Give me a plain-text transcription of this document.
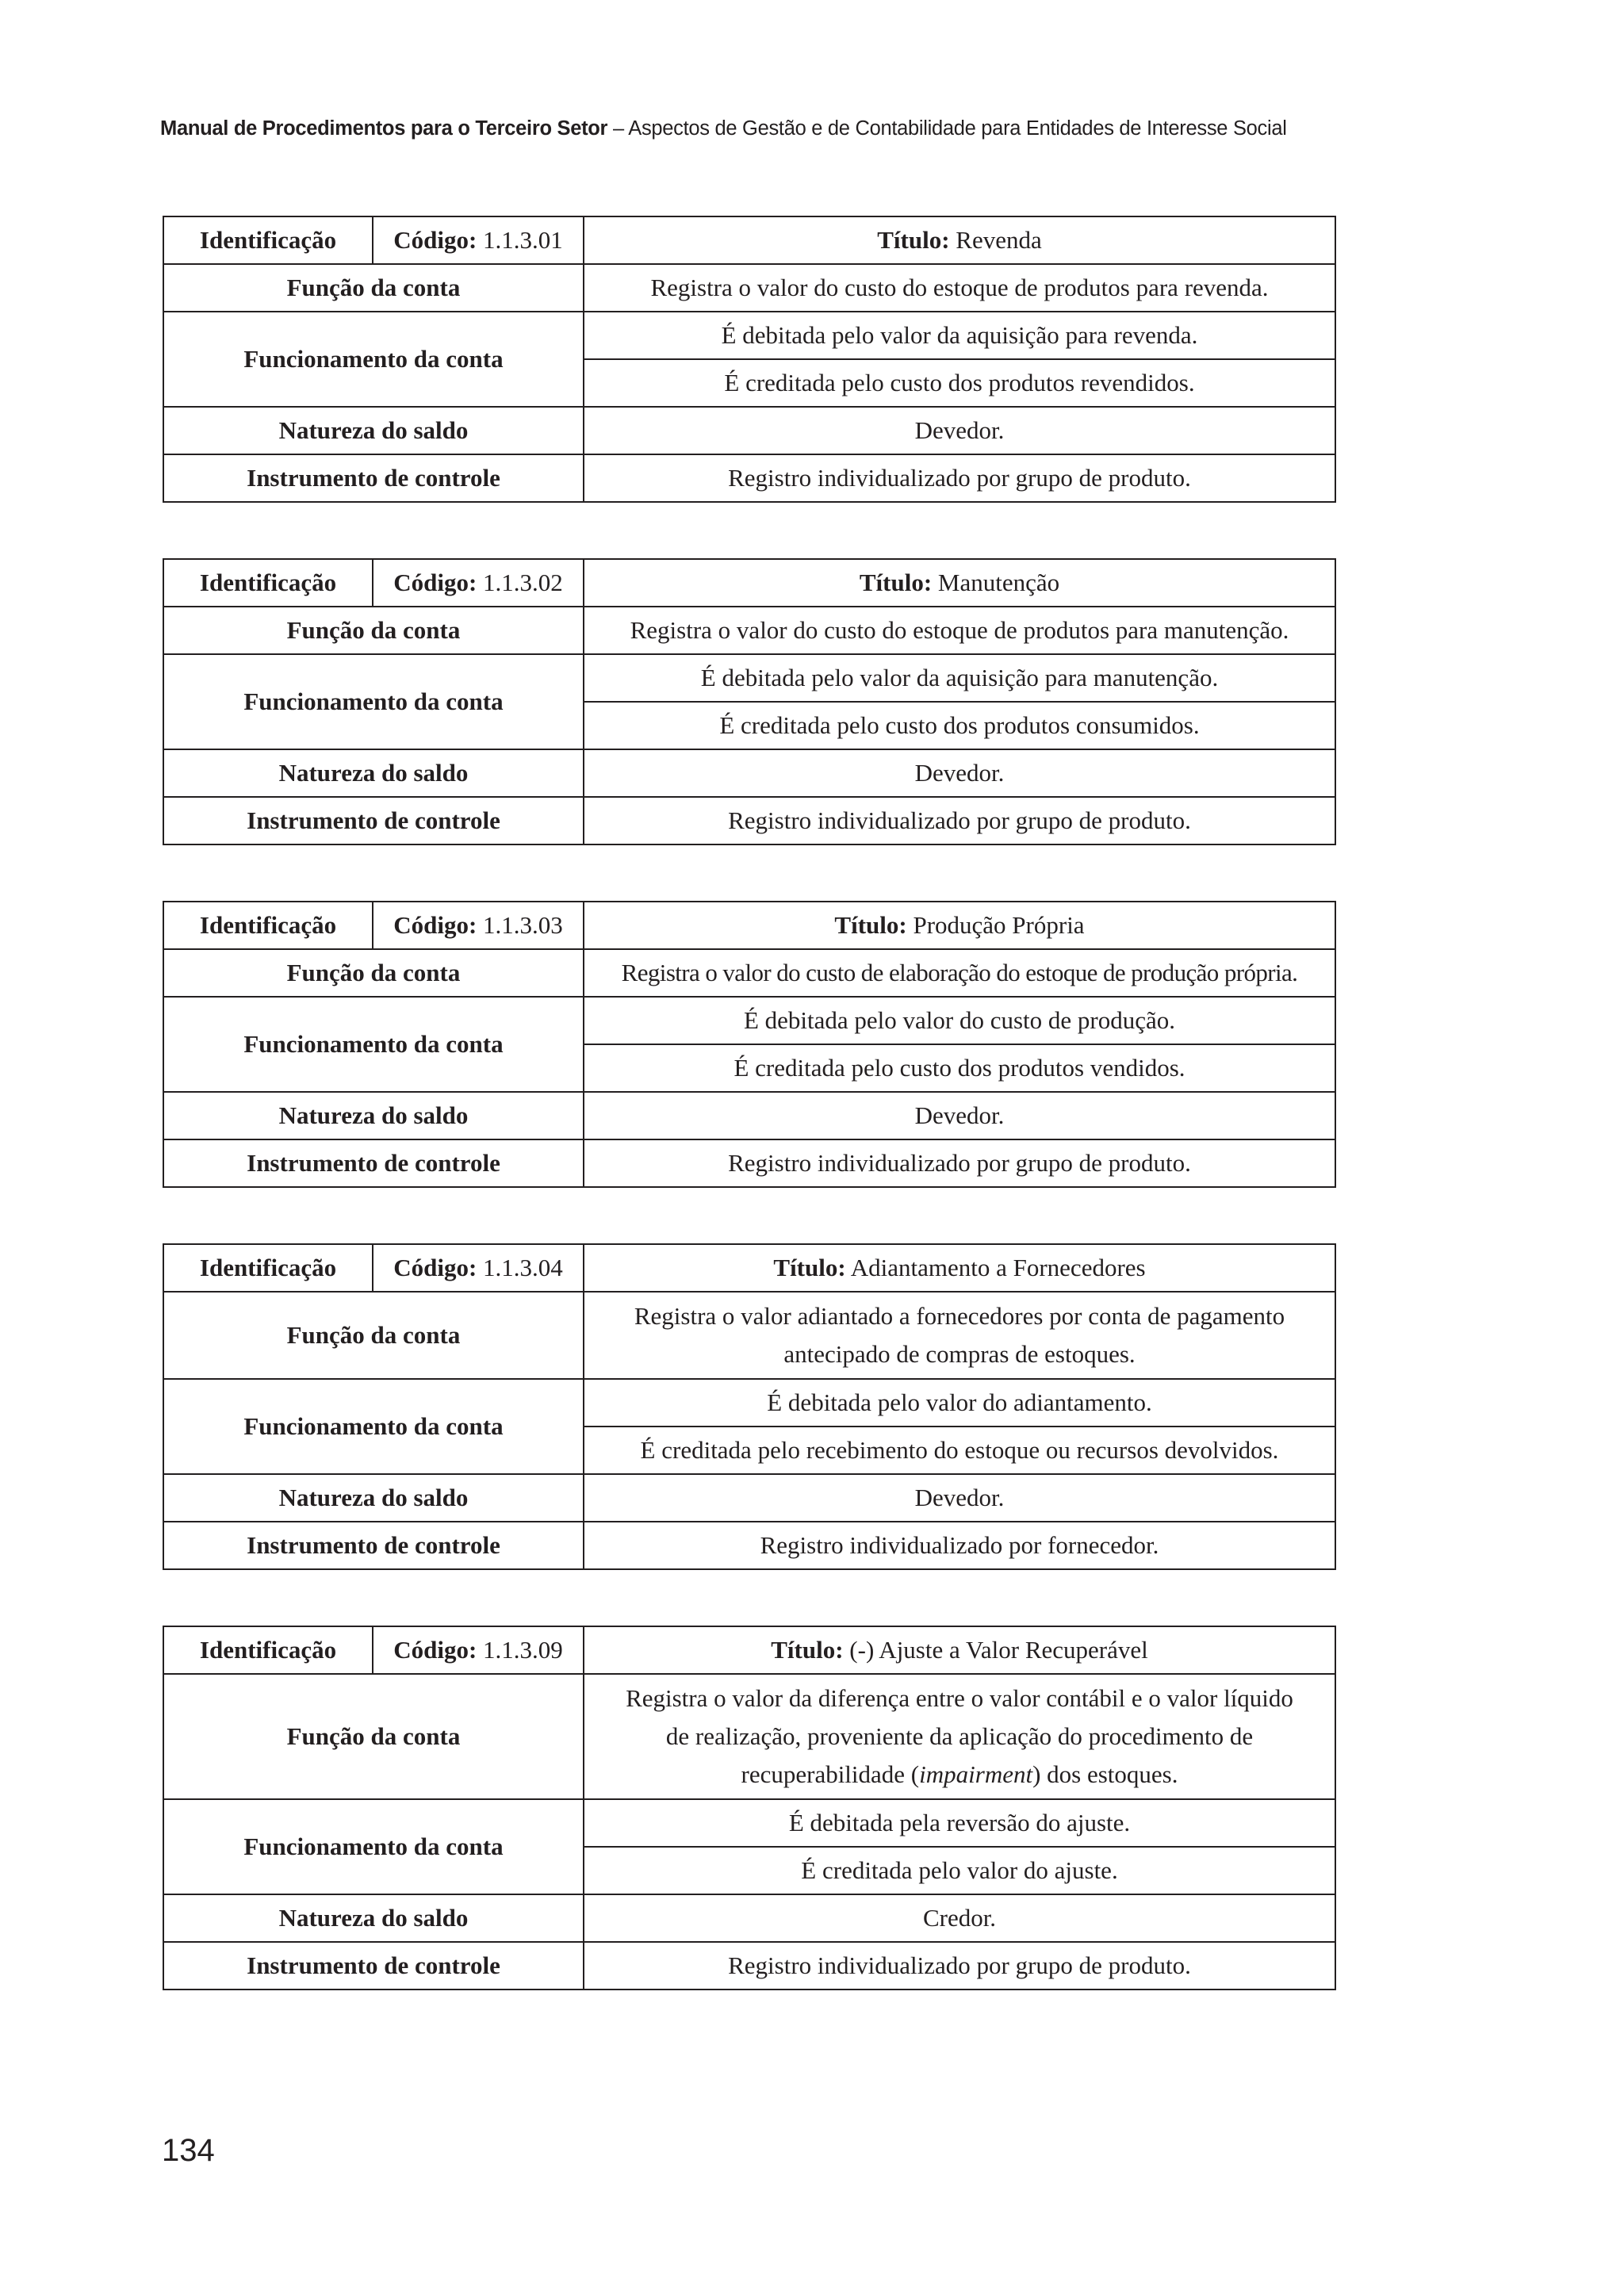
Manual de Procedimentos para o Terceiro Setor – Aspectos de Gestão e de Contabilidade para Entidades de Interesse Social
Identificação	Código: 1.1.3.01	Título: Revenda
Função da conta		Registra o valor do custo do estoque de produtos para revenda.
Funcionamento da conta		É debitada pelo valor da aquisição para revenda.
		É creditada pelo custo dos produtos revendidos.
Natureza do saldo		Devedor.
Instrumento de controle		Registro individualizado por grupo de produto.
Identificação	Código: 1.1.3.02	Título: Manutenção
Função da conta		Registra o valor do custo do estoque de produtos para manutenção.
Funcionamento da conta		É debitada pelo valor da aquisição para manutenção.
		É creditada pelo custo dos produtos consumidos.
Natureza do saldo		Devedor.
Instrumento de controle		Registro individualizado por grupo de produto.
Identificação	Código: 1.1.3.03	Título: Produção Própria
Função da conta		Registra o valor do custo de elaboração do estoque de produção própria.
Funcionamento da conta		É debitada pelo valor do custo de produção.
		É creditada pelo custo dos produtos vendidos.
Natureza do saldo		Devedor.
Instrumento de controle		Registro individualizado por grupo de produto.
Identificação	Código: 1.1.3.04	Título: Adiantamento a Fornecedores
Função da conta		Registra o valor adiantado a fornecedores por conta de pagamento
antecipado de compras de estoques.
Funcionamento da conta		É debitada pelo valor do adiantamento.
		É creditada pelo recebimento do estoque ou recursos devolvidos.
Natureza do saldo		Devedor.
Instrumento de controle		Registro individualizado por fornecedor.
Identificação	Código: 1.1.3.09	Título: (-) Ajuste a Valor Recuperável
Função da conta		Registra o valor da diferença entre o valor contábil e o valor líquido
de realização, proveniente da aplicação do procedimento de
recuperabilidade (impairment) dos estoques.
Funcionamento da conta		É debitada pela reversão do ajuste.
		É creditada pelo valor do ajuste.
Natureza do saldo		Credor.
Instrumento de controle		Registro individualizado por grupo de produto.
134
